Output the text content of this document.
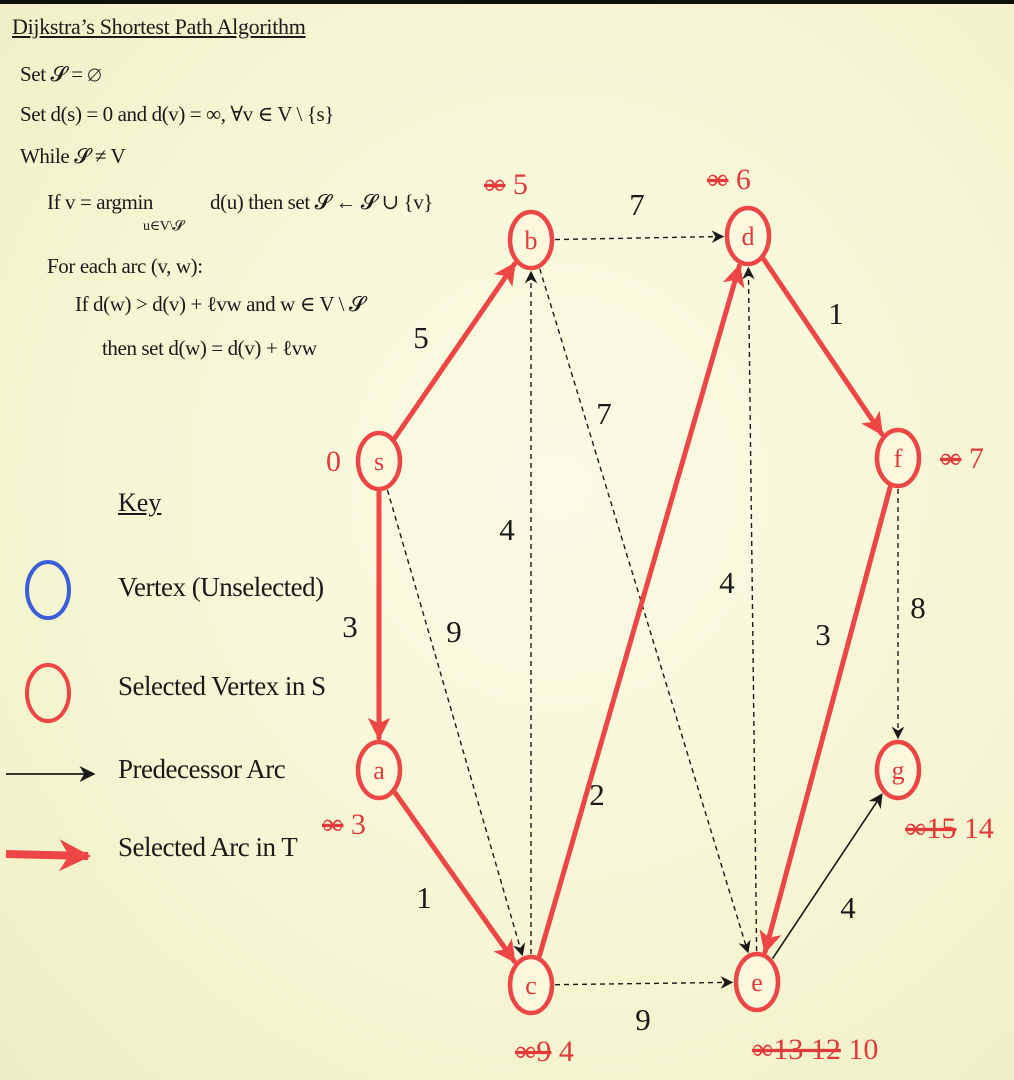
Dijkstra’s Shortest Path Algorithm
Set 𝓢 = ∅
Set d(s) = 0 and d(v) = ∞, ∀v ∈ V \ {s}
While 𝓢 ≠ V
If v = argmin
u∈V\𝓢
d(u) then set 𝓢 ← 𝓢 ∪ {v}
For each arc (v, w):
If d(w) > d(v) + ℓvw and w ∈ V \ 𝓢
then set d(w) = d(v) + ℓvw
Key
Vertex (Unselected)
Selected Vertex in S
Predecessor Arc
Selected Arc in T
5
3	9
7
7
4
1
2
9
1
4
3
8
4
s
a
b
c
d
e
f
g
0
∞ 3
∞ 5
∞9 4
∞ 6
∞13 12 10
∞ 7
∞15 14
